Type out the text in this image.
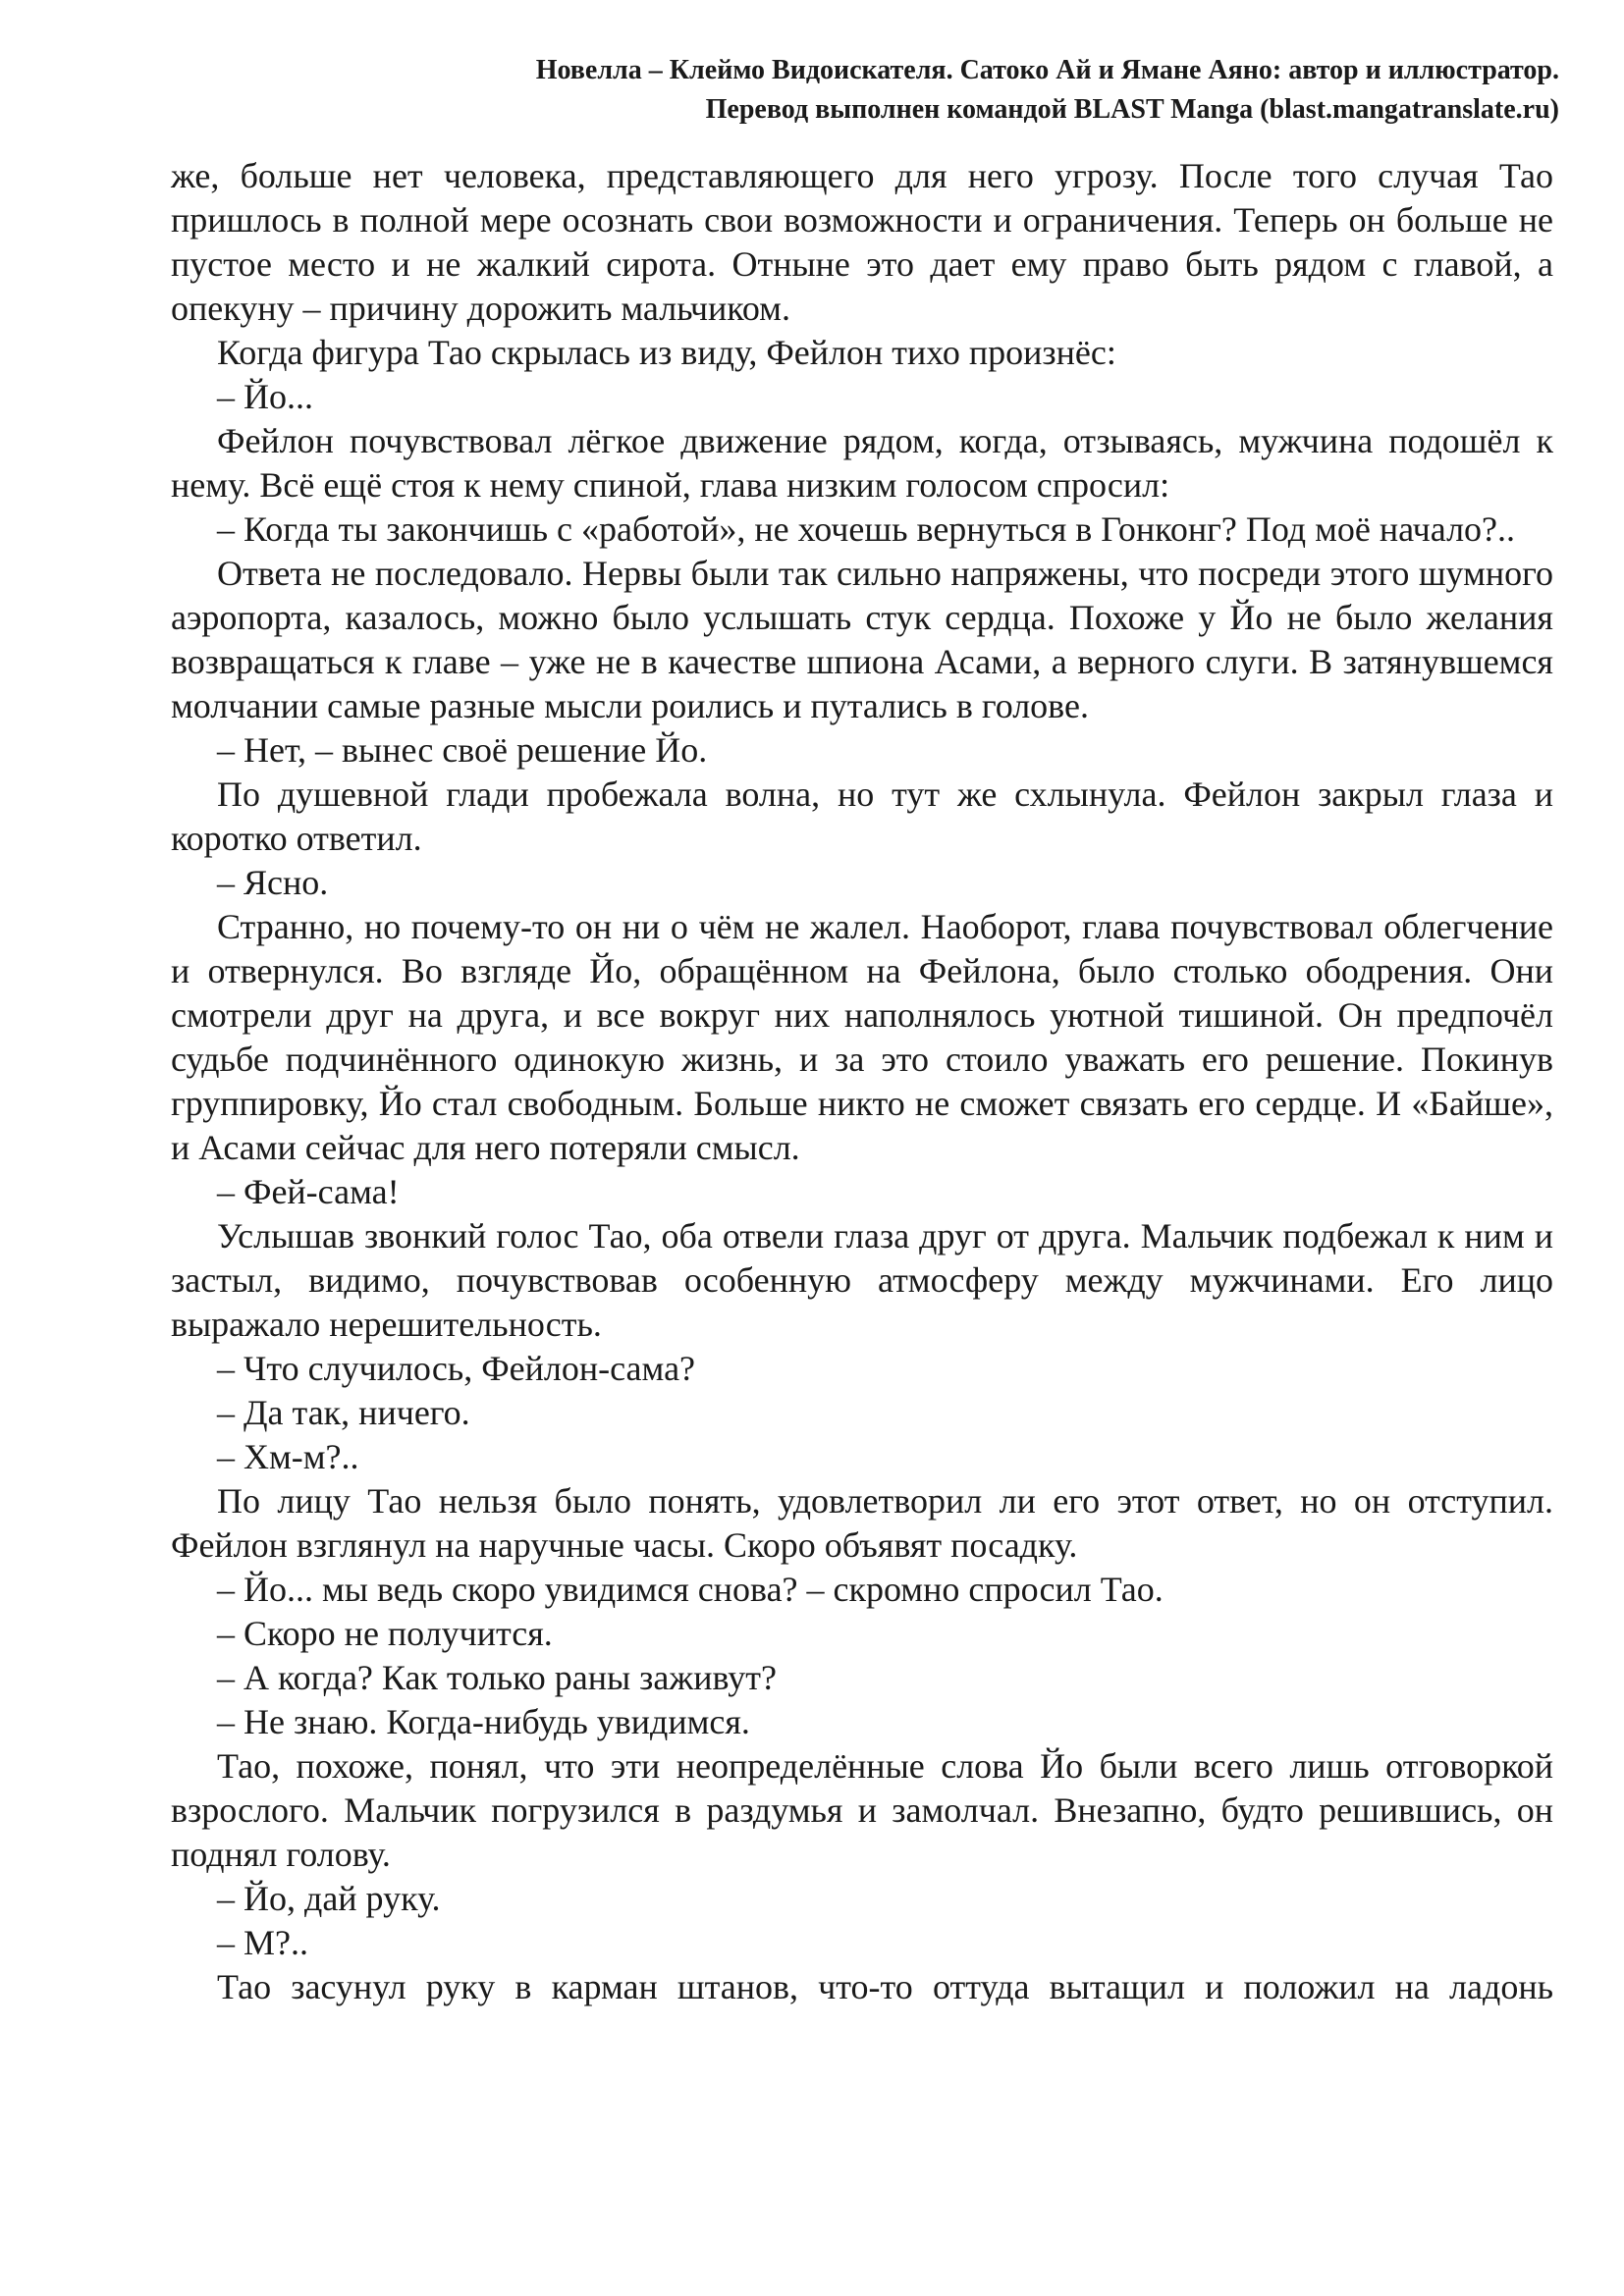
Новелла – Клеймо Видоискателя. Сатоко Ай и Ямане Аяно: автор и иллюстратор.
Перевод выполнен командой BLAST Manga (blast.mangatranslate.ru)

же, больше нет человека, представляющего для него угрозу. После того случая Тао пришлось в полной мере осознать свои возможности и ограничения. Теперь он больше не пустое место и не жалкий сирота. Отныне это дает ему право быть рядом с главой, а опекуну – причину дорожить мальчиком.

Когда фигура Тао скрылась из виду, Фейлон тихо произнёс:

– Йо...

Фейлон почувствовал лёгкое движение рядом, когда, отзываясь, мужчина подошёл к нему. Всё ещё стоя к нему спиной, глава низким голосом спросил:

– Когда ты закончишь с «работой», не хочешь вернуться в Гонконг? Под моё начало?..

Ответа не последовало. Нервы были так сильно напряжены, что посреди этого шумного аэропорта, казалось, можно было услышать стук сердца. Похоже у Йо не было желания возвращаться к главе – уже не в качестве шпиона Асами, а верного слуги. В затянувшемся молчании самые разные мысли роились и путались в голове.

– Нет, – вынес своё решение Йо.

По душевной глади пробежала волна, но тут же схлынула. Фейлон закрыл глаза и коротко ответил.

– Ясно.

Странно, но почему-то он ни о чём не жалел. Наоборот, глава почувствовал облегчение и отвернулся. Во взгляде Йо, обращённом на Фейлона, было столько ободрения. Они смотрели друг на друга, и все вокруг них наполнялось уютной тишиной. Он предпочёл судьбе подчинённого одинокую жизнь, и за это стоило уважать его решение. Покинув группировку, Йо стал свободным. Больше никто не сможет связать его сердце. И «Байше», и Асами сейчас для него потеряли смысл.

– Фей-сама!

Услышав звонкий голос Тао, оба отвели глаза друг от друга. Мальчик подбежал к ним и застыл, видимо, почувствовав особенную атмосферу между мужчинами. Его лицо выражало нерешительность.

– Что случилось, Фейлон-сама?

– Да так, ничего.

– Хм-м?..

По лицу Тао нельзя было понять, удовлетворил ли его этот ответ, но он отступил. Фейлон взглянул на наручные часы. Скоро объявят посадку.

– Йо... мы ведь скоро увидимся снова? – скромно спросил Тао.

– Скоро не получится.

– А когда? Как только раны заживут?

– Не знаю. Когда-нибудь увидимся.

Тао, похоже, понял, что эти неопределённые слова Йо были всего лишь отговоркой взрослого. Мальчик погрузился в раздумья и замолчал. Внезапно, будто решившись, он поднял голову.

– Йо, дай руку.

– М?..

Тао засунул руку в карман штанов, что-то оттуда вытащил и положил на ладонь
